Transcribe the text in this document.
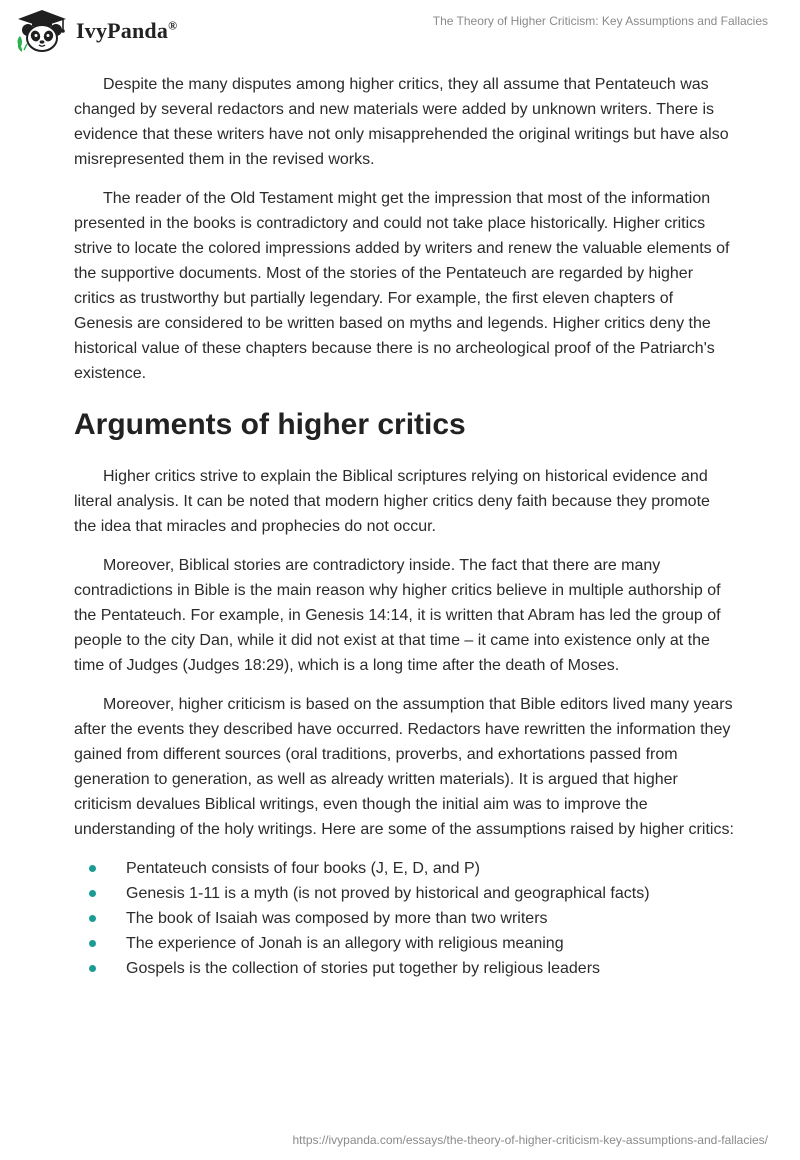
IvyPanda®	The Theory of Higher Criticism: Key Assumptions and Fallacies

Despite the many disputes among higher critics, they all assume that Pentateuch was changed by several redactors and new materials were added by unknown writers. There is evidence that these writers have not only misapprehended the original writings but have also misrepresented them in the revised works.

The reader of the Old Testament might get the impression that most of the information presented in the books is contradictory and could not take place historically. Higher critics strive to locate the colored impressions added by writers and renew the valuable elements of the supportive documents. Most of the stories of the Pentateuch are regarded by higher critics as trustworthy but partially legendary. For example, the first eleven chapters of Genesis are considered to be written based on myths and legends. Higher critics deny the historical value of these chapters because there is no archeological proof of the Patriarch's existence.

Arguments of higher critics

Higher critics strive to explain the Biblical scriptures relying on historical evidence and literal analysis. It can be noted that modern higher critics deny faith because they promote the idea that miracles and prophecies do not occur.

Moreover, Biblical stories are contradictory inside. The fact that there are many contradictions in Bible is the main reason why higher critics believe in multiple authorship of the Pentateuch. For example, in Genesis 14:14, it is written that Abram has led the group of people to the city Dan, while it did not exist at that time – it came into existence only at the time of Judges (Judges 18:29), which is a long time after the death of Moses.

Moreover, higher criticism is based on the assumption that Bible editors lived many years after the events they described have occurred. Redactors have rewritten the information they gained from different sources (oral traditions, proverbs, and exhortations passed from generation to generation, as well as already written materials). It is argued that higher criticism devalues Biblical writings, even though the initial aim was to improve the understanding of the holy writings. Here are some of the assumptions raised by higher critics:

Pentateuch consists of four books (J, E, D, and P)
Genesis 1-11 is a myth (is not proved by historical and geographical facts)
The book of Isaiah was composed by more than two writers
The experience of Jonah is an allegory with religious meaning
Gospels is the collection of stories put together by religious leaders
https://ivypanda.com/essays/the-theory-of-higher-criticism-key-assumptions-and-fallacies/
